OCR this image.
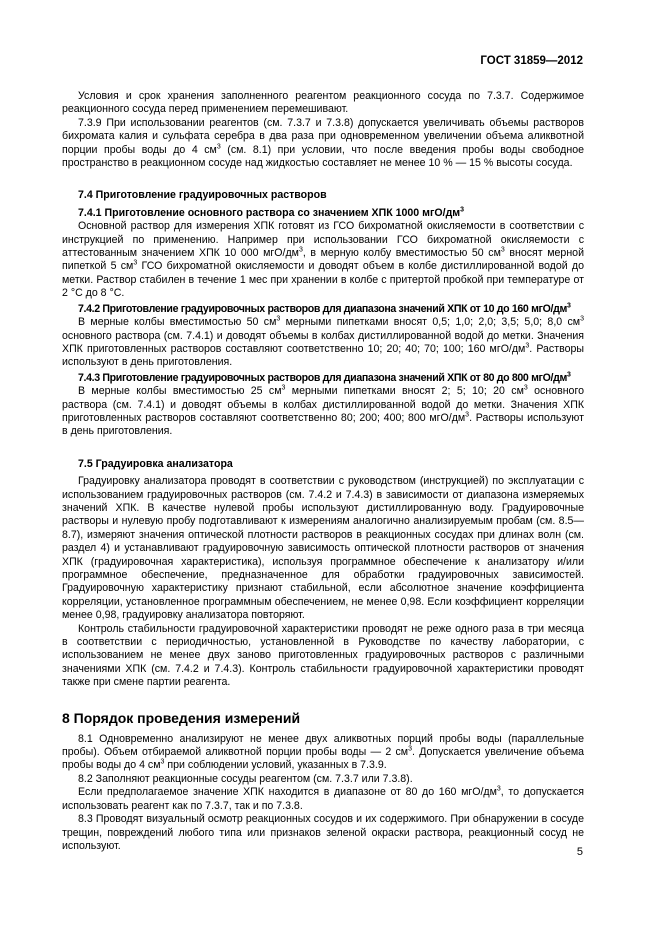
ГОСТ 31859—2012

Условия и срок хранения заполненного реагентом реакционного сосуда по 7.3.7. Содержимое реакционного сосуда перед применением перемешивают.

7.3.9 При использовании реагентов (см. 7.3.7 и 7.3.8) допускается увеличивать объемы растворов бихромата калия и сульфата серебра в два раза при одновременном увеличении объема аликвотной порции пробы воды до 4 $см^3$ (см. 8.1) при условии, что после введения пробы воды свободное пространство в реакционном сосуде над жидкостью составляет не менее 10 % — 15 % высоты сосуда.

7.4 Приготовление градуировочных растворов

7.4.1 Приготовление основного раствора со значением ХПК 1000 мгО/$дм^3$

Основной раствор для измерения ХПК готовят из ГСО бихроматной окисляемости в соответствии с инструкцией по применению. Например при использовании ГСО бихроматной окисляемости с аттестованным значением ХПК 10 000 мгО/$дм^3$, в мерную колбу вместимостью 50 $см^3$ вносят мерной пипеткой 5 $см^3$ ГСО бихроматной окисляемости и доводят объем в колбе дистиллированной водой до метки. Раствор стабилен в течение 1 мес при хранении в колбе с притертой пробкой при температуре от 2 °С до 8 °С.

7.4.2 Приготовление градуировочных растворов для диапазона значений ХПК от 10 до 160 мгО/$дм^3$

В мерные колбы вместимостью 50 $см^3$ мерными пипетками вносят 0,5; 1,0; 2,0; 3,5; 5,0; 8,0 $см^3$ основного раствора (см. 7.4.1) и доводят объемы в колбах дистиллированной водой до метки. Значения ХПК приготовленных растворов составляют соответственно 10; 20; 40; 70; 100; 160 мгО/$дм^3$. Растворы используют в день приготовления.

7.4.3 Приготовление градуировочных растворов для диапазона значений ХПК от 80 до 800 мгО/$дм^3$

В мерные колбы вместимостью 25 $см^3$ мерными пипетками вносят 2; 5; 10; 20 $см^3$ основного раствора (см. 7.4.1) и доводят объемы в колбах дистиллированной водой до метки. Значения ХПК приготовленных растворов составляют соответственно 80; 200; 400; 800 мгО/$дм^3$. Растворы используют в день приготовления.

7.5 Градуировка анализатора

Градуировку анализатора проводят в соответствии с руководством (инструкцией) по эксплуатации с использованием градуировочных растворов (см. 7.4.2 и 7.4.3) в зависимости от диапазона измеряемых значений ХПК. В качестве нулевой пробы используют дистиллированную воду. Градуировочные растворы и нулевую пробу подготавливают к измерениям аналогично анализируемым пробам (см. 8.5—8.7), измеряют значения оптической плотности растворов в реакционных сосудах при длинах волн (см. раздел 4) и устанавливают градуировочную зависимость оптической плотности растворов от значения ХПК (градуировочная характеристика), используя программное обеспечение к анализатору и/или программное обеспечение, предназначенное для обработки градуировочных зависимостей. Градуировочную характеристику признают стабильной, если абсолютное значение коэффициента корреляции, установленное программным обеспечением, не менее 0,98. Если коэффициент корреляции менее 0,98, градуировку анализатора повторяют.

Контроль стабильности градуировочной характеристики проводят не реже одного раза в три месяца в соответствии с периодичностью, установленной в Руководстве по качеству лаборатории, с использованием не менее двух заново приготовленных градуировочных растворов с различными значениями ХПК (см. 7.4.2 и 7.4.3). Контроль стабильности градуировочной характеристики проводят также при смене партии реагента.

8 Порядок проведения измерений

8.1 Одновременно анализируют не менее двух аликвотных порций пробы воды (параллельные пробы). Объем отбираемой аликвотной порции пробы воды — 2 $см^3$. Допускается увеличение объема пробы воды до 4 $см^3$ при соблюдении условий, указанных в 7.3.9.

8.2 Заполняют реакционные сосуды реагентом (см. 7.3.7 или 7.3.8).

Если предполагаемое значение ХПК находится в диапазоне от 80 до 160 мгО/$дм^3$, то допускается использовать реагент как по 7.3.7, так и по 7.3.8.

8.3 Проводят визуальный осмотр реакционных сосудов и их содержимого. При обнаружении в сосуде трещин, повреждений любого типа или признаков зеленой окраски раствора, реакционный сосуд не используют.

5
